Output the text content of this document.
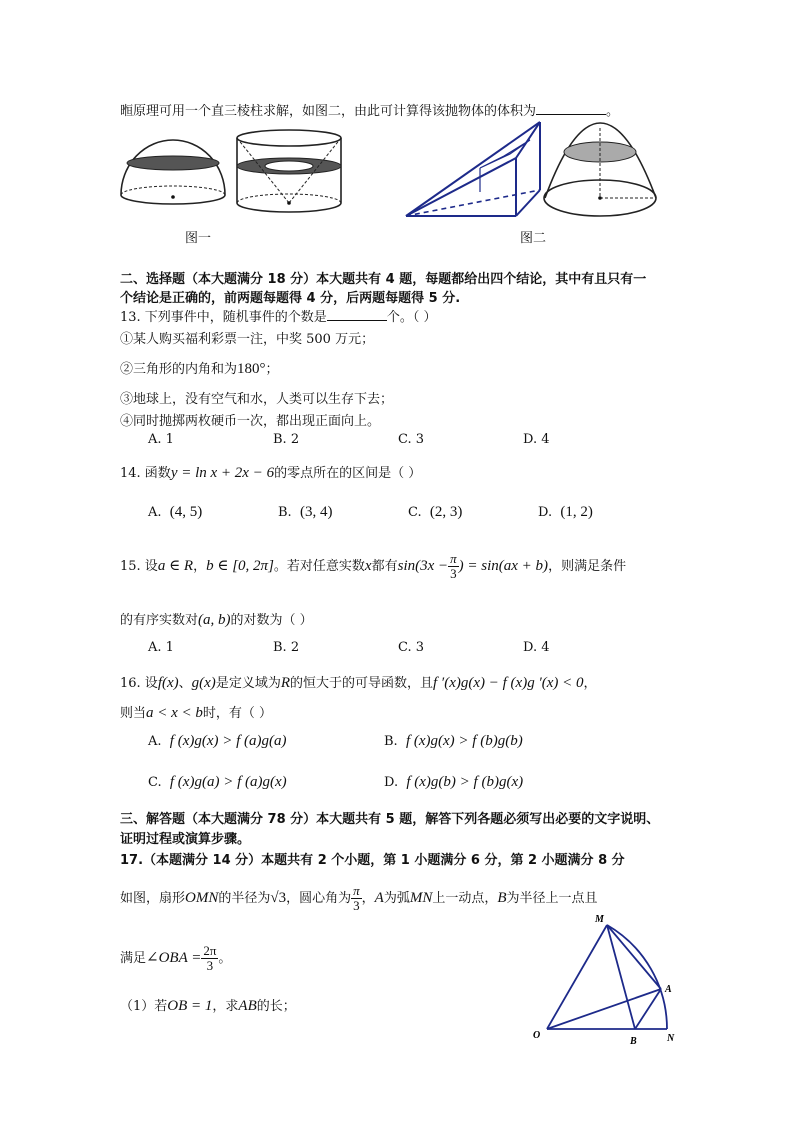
暅原理可用一个直三棱柱求解，如图二，由此可计算得该抛物体的体积为	。
图一	图二
二、选择题（本大题满分 18 分）本大题共有 4 题，每题都给出四个结论，其中有且只有一
个结论是正确的，前两题每题得 4 分，后两题每题得 5 分.
13. 下列事件中，随机事件的个数是	个。（ ）
①某人购买福利彩票一注，中奖 500 万元；
②三角形的内角和为180°；
③地球上，没有空气和水，人类可以生存下去；
④同时抛掷两枚硬币一次，都出现正面向上。
A. 1	B. 2	C. 3	D. 4
14. 函数y = ln x + 2x − 6的零点所在的区间是（ ）
A. (4, 5)	B. (3, 4)	C. (2, 3)	D. (1, 2)
15. 设a ∈ R，b ∈ [0, 2π]。若对任意实数x都有$\sin(3x - \frac{\pi}{3}$ ) = sin(ax + b)，则满足条件
的有序实数对(a, b)的对数为（ ）
A. 1	B. 2	C. 3	D. 4
16. 设f(x)、g(x)是定义域为R的恒大于的可导函数，且f ′(x)g(x) − f (x)g ′(x) < 0，
则当a < x < b时，有（ ）
A. f (x)g(x) > f (a)g(a)	B. f (x)g(x) > f (b)g(b)
C. f (x)g(a) > f (a)g(x)	D. f (x)g(b) > f (b)g(x)
三、解答题（本大题满分 78 分）本大题共有 5 题，解答下列各题必须写出必要的文字说明、
证明过程或演算步骤。
17.（本题满分 14 分）本题共有 2 个小题，第 1 小题满分 6 分，第 2 小题满分 8 分
如图，扇形OMN的半径为√3，圆心角为 $\frac{\pi}{3}$ ，A为弧MN上一动点，B为半径上一点且
满足∠OBA = $\frac{2\pi}{3}$ 。
（1）若OB = 1，求AB的长；
M
A
O
B	N
